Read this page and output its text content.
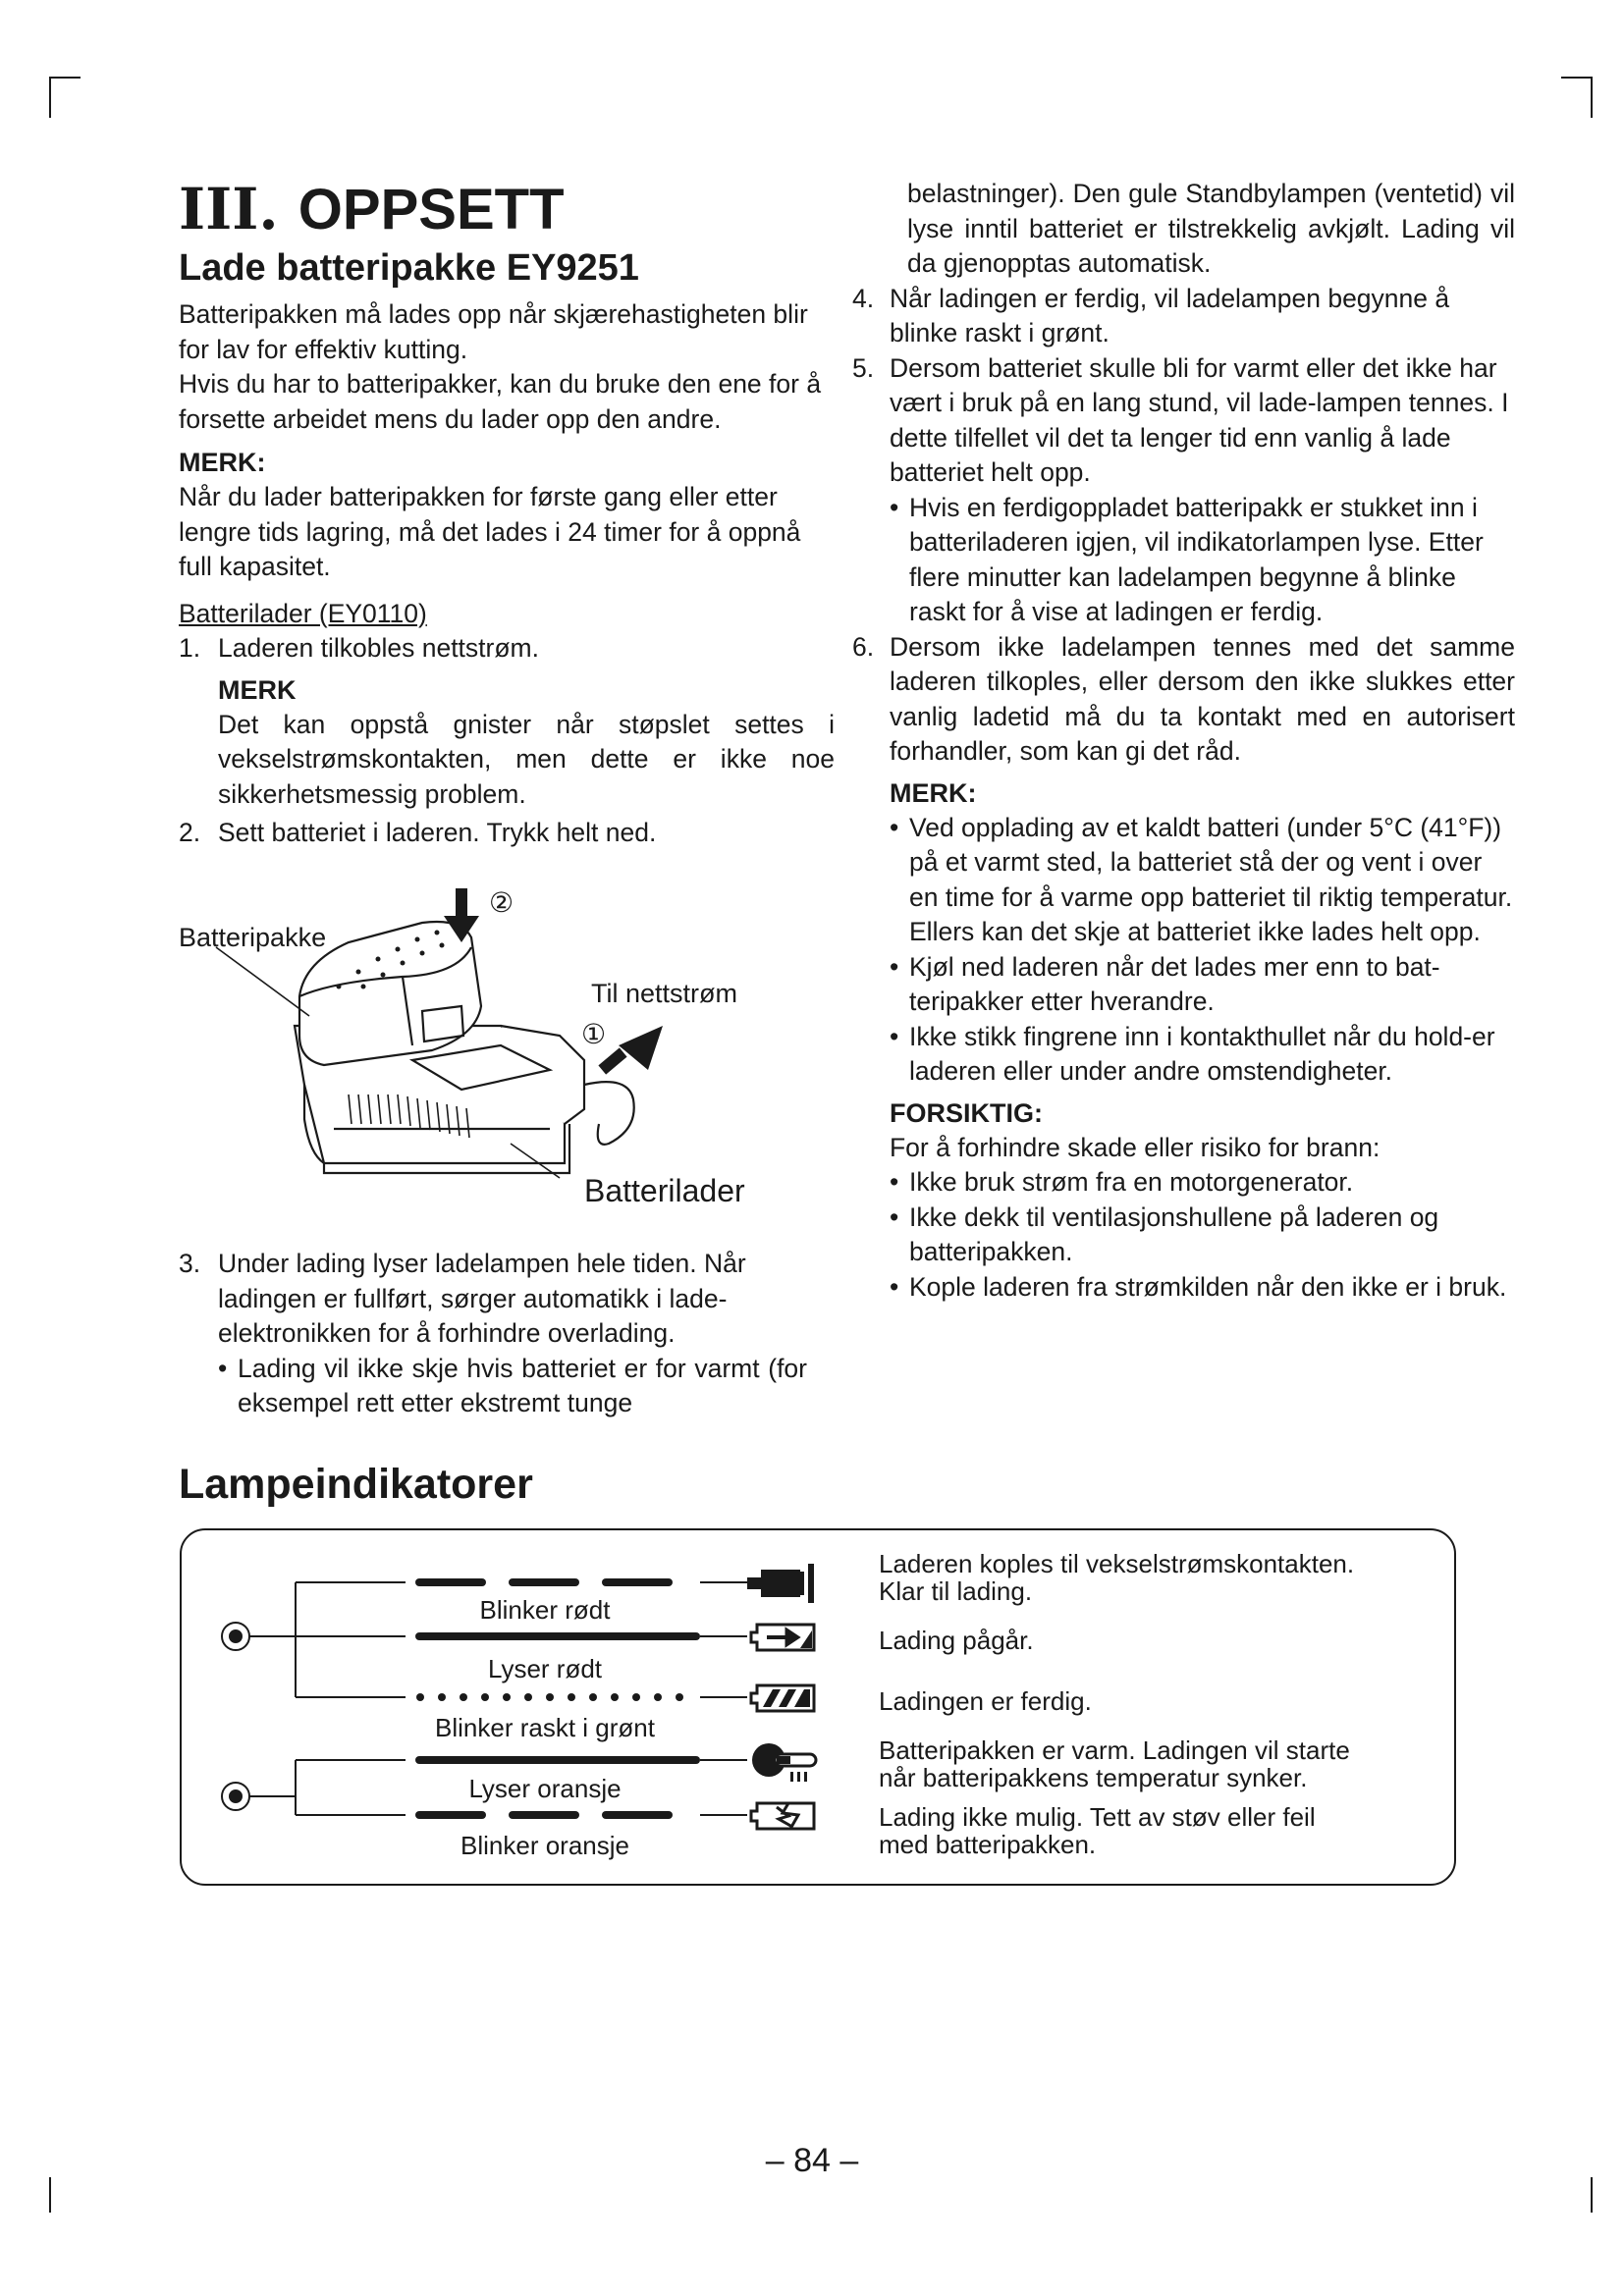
III. OPPSETT
Lade batteripakke EY9251

Batteripakken må lades opp når skjærehastigheten blir for lav for effektiv kutting.

Hvis du har to batteripakker, kan du bruke den ene for å forsette arbeidet mens du lader opp den andre.

MERK:

Når du lader batteripakken for første gang eller etter lengre tids lagring, må det lades i 24 timer for å oppnå full kapasitet.

Batterilader (EY0110)

1. Laderen tilkobles nettstrøm.

MERK

Det kan oppstå gnister når støpslet settes i vekselstrømskontakten, men dette er ikke noe sikkerhetsmessig problem.

2. Sett batteriet i laderen. Trykk helt ned.
②
Batteripakke
Til nettstrøm
①
Batterilader
3. Under lading lyser ladelampen hele tiden. Når ladingen er fullført, sørger automatikk i lade-elektronikken for å forhindre overlading.
• Lading vil ikke skje hvis batteriet er for varmt (for eksempel rett etter ekstremt tunge

belastninger). Den gule Standbylampen (ventetid) vil lyse inntil batteriet er tilstrekkelig avkjølt. Lading vil da gjenopptas automatisk.

4. Når ladingen er ferdig, vil ladelampen begynne å blinke raskt i grønt.
5. Dersom batteriet skulle bli for varmt eller det ikke har vært i bruk på en lang stund, vil lade-lampen tennes. I dette tilfellet vil det ta lenger tid enn vanlig å lade batteriet helt opp.
• Hvis en ferdigoppladet batteripakk er stukket inn i batteriladeren igjen, vil indikatorlampen lyse. Etter flere minutter kan ladelampen begynne å blinke raskt for å vise at ladingen er ferdig.
6. Dersom ikke ladelampen tennes med det samme laderen tilkoples, eller dersom den ikke slukkes etter vanlig ladetid må du ta kontakt med en autorisert forhandler, som kan gi det råd.

MERK:

• Ved opplading av et kaldt batteri (under 5°C (41°F)) på et varmt sted, la batteriet stå der og vent i over en time for å varme opp batteriet til riktig temperatur. Ellers kan det skje at batteriet ikke lades helt opp.
• Kjøl ned laderen når det lades mer enn to bat-teripakker etter hverandre.
• Ikke stikk fingrene inn i kontakthullet når du hold-er laderen eller under andre omstendigheter.

FORSIKTIG:

For å forhindre skade eller risiko for brann:

• Ikke bruk strøm fra en motorgenerator.
• Ikke dekk til ventilasjonshullene på laderen og batteripakken.
• Kople laderen fra strømkilden når den ikke er i bruk.
Lampeindikatorer
Blinker rødt
Lyser rødt
Blinker raskt i grønt
Lyser oransje
Blinker oransje
Laderen koples til vekselstrømskontakten.
Klar til lading.
Lading pågår.
Ladingen er ferdig.
Batteripakken er varm. Ladingen vil starte
når batteripakkens temperatur synker.
Lading ikke mulig. Tett av støv eller feil
med batteripakken.
– 84 –
